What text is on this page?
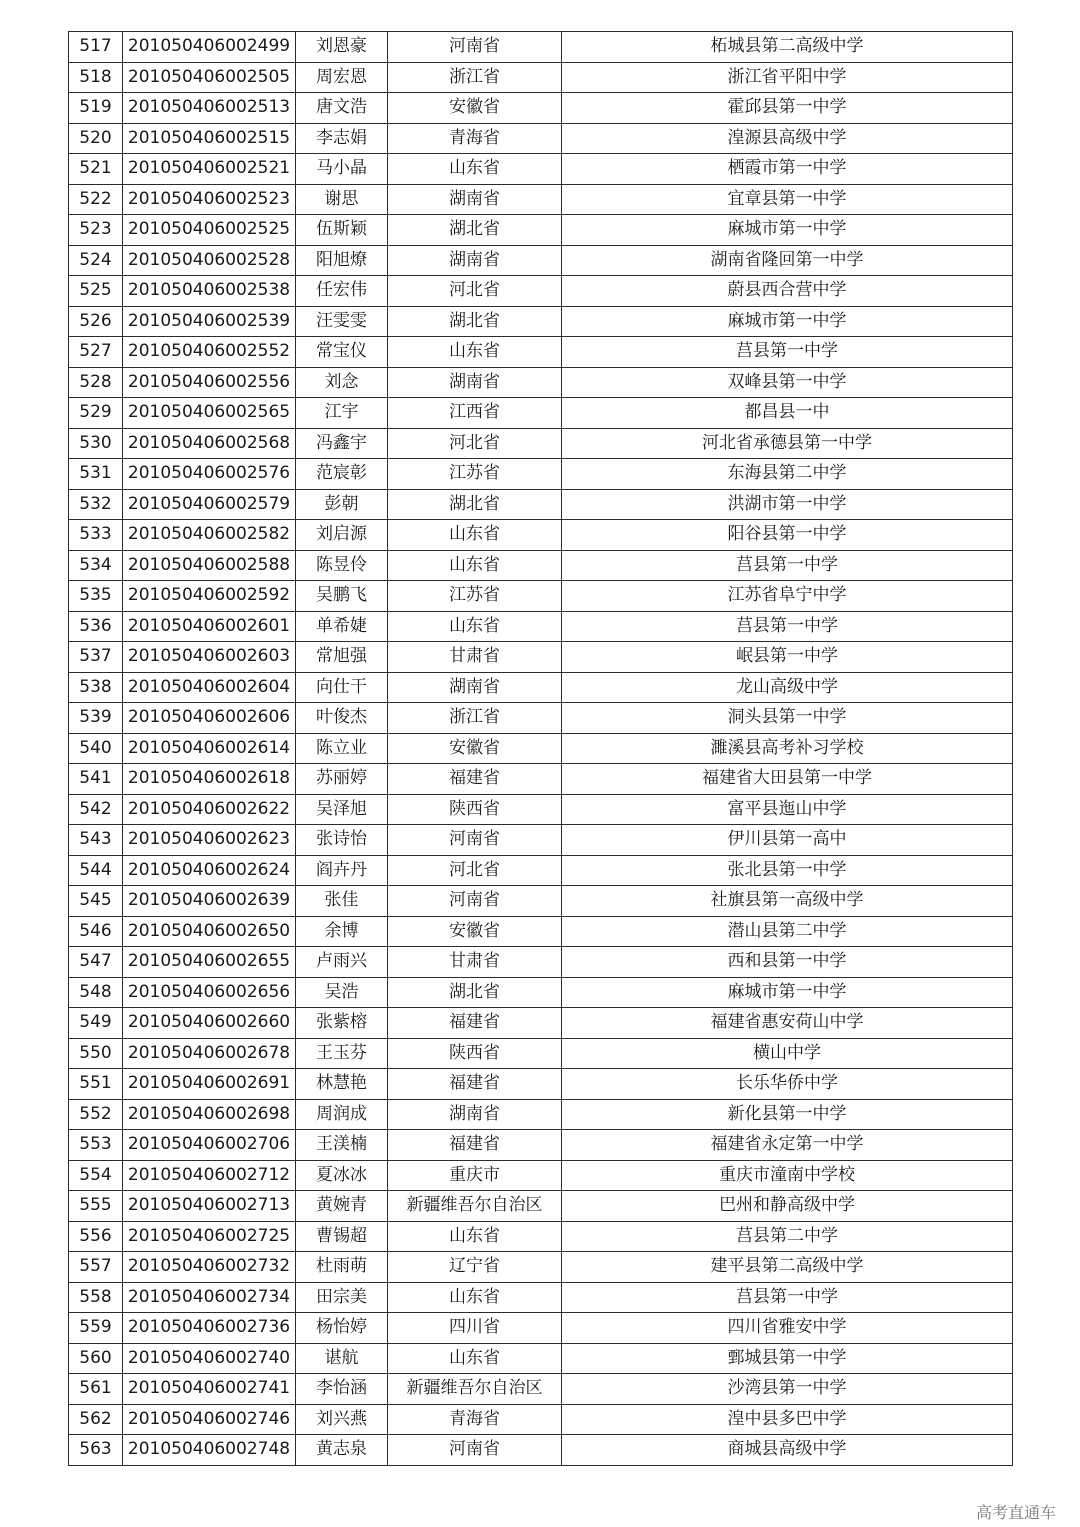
517	201050406002499	刘恩豪	河南省	柘城县第二高级中学
518	201050406002505	周宏恩	浙江省	浙江省平阳中学
519	201050406002513	唐文浩	安徽省	霍邱县第一中学
520	201050406002515	李志娟	青海省	湟源县高级中学
521	201050406002521	马小晶	山东省	栖霞市第一中学
522	201050406002523	谢思	湖南省	宜章县第一中学
523	201050406002525	伍斯颖	湖北省	麻城市第一中学
524	201050406002528	阳旭燎	湖南省	湖南省隆回第一中学
525	201050406002538	任宏伟	河北省	蔚县西合营中学
526	201050406002539	汪雯雯	湖北省	麻城市第一中学
527	201050406002552	常宝仪	山东省	莒县第一中学
528	201050406002556	刘念	湖南省	双峰县第一中学
529	201050406002565	江宇	江西省	都昌县一中
530	201050406002568	冯鑫宇	河北省	河北省承德县第一中学
531	201050406002576	范宸彰	江苏省	东海县第二中学
532	201050406002579	彭朝	湖北省	洪湖市第一中学
533	201050406002582	刘启源	山东省	阳谷县第一中学
534	201050406002588	陈昱伶	山东省	莒县第一中学
535	201050406002592	吴鹏飞	江苏省	江苏省阜宁中学
536	201050406002601	单希婕	山东省	莒县第一中学
537	201050406002603	常旭强	甘肃省	岷县第一中学
538	201050406002604	向仕干	湖南省	龙山高级中学
539	201050406002606	叶俊杰	浙江省	洞头县第一中学
540	201050406002614	陈立业	安徽省	濉溪县高考补习学校
541	201050406002618	苏丽婷	福建省	福建省大田县第一中学
542	201050406002622	吴泽旭	陕西省	富平县迤山中学
543	201050406002623	张诗怡	河南省	伊川县第一高中
544	201050406002624	阎卉丹	河北省	张北县第一中学
545	201050406002639	张佳	河南省	社旗县第一高级中学
546	201050406002650	余博	安徽省	潜山县第二中学
547	201050406002655	卢雨兴	甘肃省	西和县第一中学
548	201050406002656	吴浩	湖北省	麻城市第一中学
549	201050406002660	张紫榕	福建省	福建省惠安荷山中学
550	201050406002678	王玉芬	陕西省	横山中学
551	201050406002691	林慧艳	福建省	长乐华侨中学
552	201050406002698	周润成	湖南省	新化县第一中学
553	201050406002706	王渼楠	福建省	福建省永定第一中学
554	201050406002712	夏冰冰	重庆市	重庆市潼南中学校
555	201050406002713	黄婉青	新疆维吾尔自治区	巴州和静高级中学
556	201050406002725	曹锡超	山东省	莒县第二中学
557	201050406002732	杜雨萌	辽宁省	建平县第二高级中学
558	201050406002734	田宗美	山东省	莒县第一中学
559	201050406002736	杨怡婷	四川省	四川省雅安中学
560	201050406002740	谌航	山东省	鄄城县第一中学
561	201050406002741	李怡涵	新疆维吾尔自治区	沙湾县第一中学
562	201050406002746	刘兴燕	青海省	湟中县多巴中学
563	201050406002748	黄志泉	河南省	商城县高级中学
高考直通车
